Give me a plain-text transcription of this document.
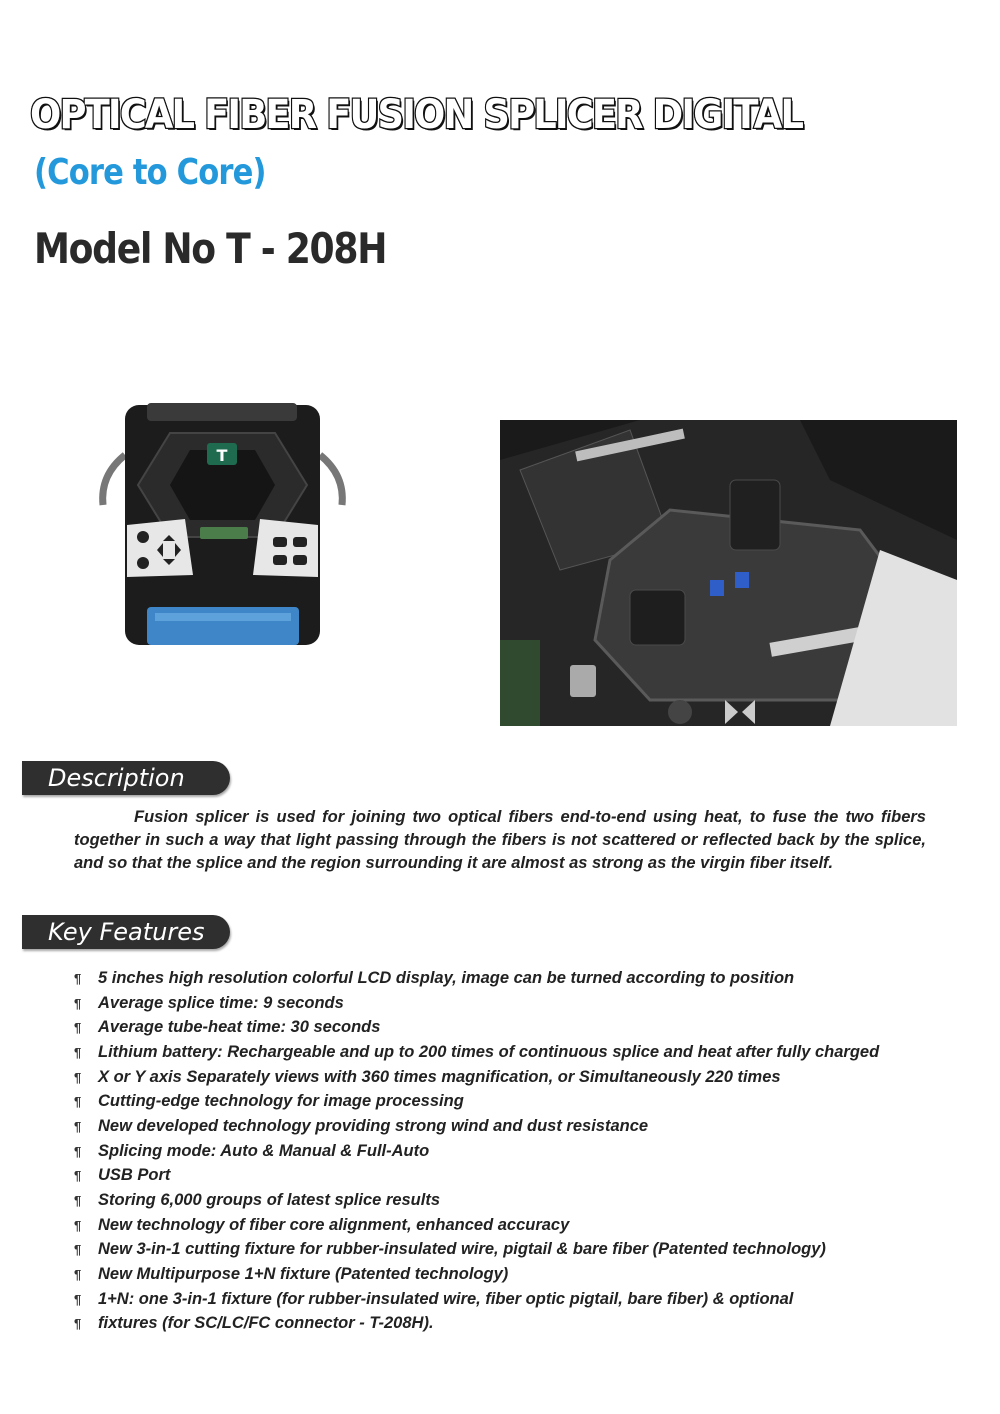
OPTICAL FIBER FUSION SPLICER DIGITAL
(Core to Core)
Model No T - 208H
T
Description

Fusion splicer is used for joining two optical fibers end-to-end using heat, to fuse the two fibers together in such a way that light passing through the fibers is not scattered or reflected back by the splice, and so that the splice and the region surrounding it are almost as strong as the virgin fiber itself.

Key Features
¶	5 inches high resolution colorful LCD display, image can be turned according to position
¶	Average splice time: 9 seconds
¶	Average tube-heat time: 30 seconds
¶	Lithium battery: Rechargeable and up to 200 times of continuous splice and heat after fully charged
¶	X or Y axis Separately views with 360 times magnification, or Simultaneously 220 times
¶	Cutting-edge technology for image processing
¶	New developed technology providing strong wind and dust resistance
¶	Splicing mode: Auto & Manual & Full-Auto
¶	USB Port
¶	Storing 6,000 groups of latest splice results
¶	New technology of fiber core alignment, enhanced accuracy
¶	New 3-in-1 cutting fixture for rubber-insulated wire, pigtail & bare fiber (Patented technology)
¶	New Multipurpose 1+N fixture (Patented technology)
¶	1+N: one 3-in-1 fixture (for rubber-insulated wire, fiber optic pigtail, bare fiber) & optional
¶	fixtures (for SC/LC/FC connector - T-208H).
